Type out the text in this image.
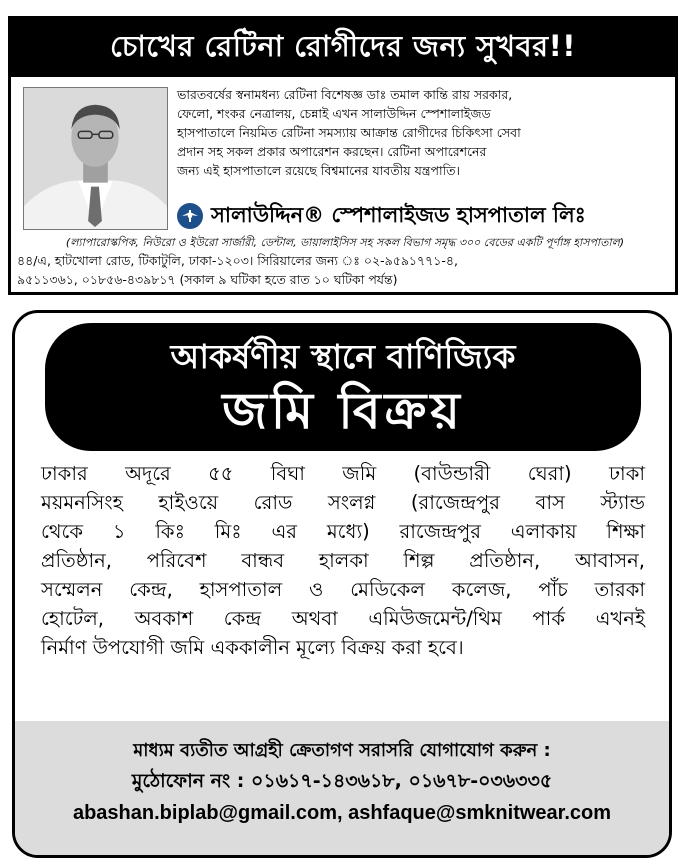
চোখের রেটিনা রোগীদের জন্য সুখবর!!
ভারতবর্ষের স্বনামধন্য রেটিনা বিশেষজ্ঞ ডাঃ তমাল কান্তি রায় সরকার,
ফেলো, শংকর নেত্রালয়, চেন্নাই এখন সালাউদ্দিন স্পেশালাইজড
হাসপাতালে নিয়মিত রেটিনা সমস্যায় আক্রান্ত রোগীদের চিকিৎসা সেবা
প্রদান সহ সকল প্রকার অপারেশন করছেন। রেটিনা অপারেশনের
জন্য এই হাসপাতালে রয়েছে বিশ্বমানের যাবতীয় যন্ত্রপাতি।
সালাউদ্দিন® স্পেশালাইজড হাসপাতাল লিঃ
(ল্যাপারোস্কপিক, নিউরো ও ইউরো সার্জারী, ডেন্টাল, ডায়ালাইসিস সহ সকল বিভাগ সমৃদ্ধ ৩০০ বেডের একটি পূর্ণাঙ্গ হাসপাতাল)
৪৪/এ, হাটখোলা রোড, টিকাটুলি, ঢাকা-১২০৩। সিরিয়ালের জন্য ঃ ০২-৯৫৯১৭৭১-৪,
৯৫১১৩৬১, ০১৮৫৬-৪৩৯৮১৭ (সকাল ৯ ঘটিকা হতে রাত ১০ ঘটিকা পর্যন্ত)
আকর্ষণীয় স্থানে বাণিজ্যিক
জমি বিক্রয়
ঢাকার অদূরে ৫৫ বিঘা জমি (বাউন্ডারী ঘেরা) ঢাকা
ময়মনসিংহ হাইওয়ে রোড সংলগ্ন (রাজেন্দ্রপুর বাস স্ট্যান্ড
থেকে ১ কিঃ মিঃ এর মধ্যে) রাজেন্দ্রপুর এলাকায় শিক্ষা
প্রতিষ্ঠান, পরিবেশ বান্ধব হালকা শিল্প প্রতিষ্ঠান, আবাসন,
সম্মেলন কেন্দ্র, হাসপাতাল ও মেডিকেল কলেজ, পাঁচ তারকা
হোটেল, অবকাশ কেন্দ্র অথবা এমিউজমেন্ট/থিম পার্ক এখনই
নির্মাণ উপযোগী জমি এককালীন মূল্যে বিক্রয় করা হবে।
মাধ্যম ব্যতীত আগ্রহী ক্রেতাগণ সরাসরি যোগাযোগ করুন :
মুঠোফোন নং : ০১৬১৭-১৪৩৬১৮, ০১৬৭৮-০৩৬৩৩৫
abashan.biplab@gmail.com, ashfaque@smknitwear.com
